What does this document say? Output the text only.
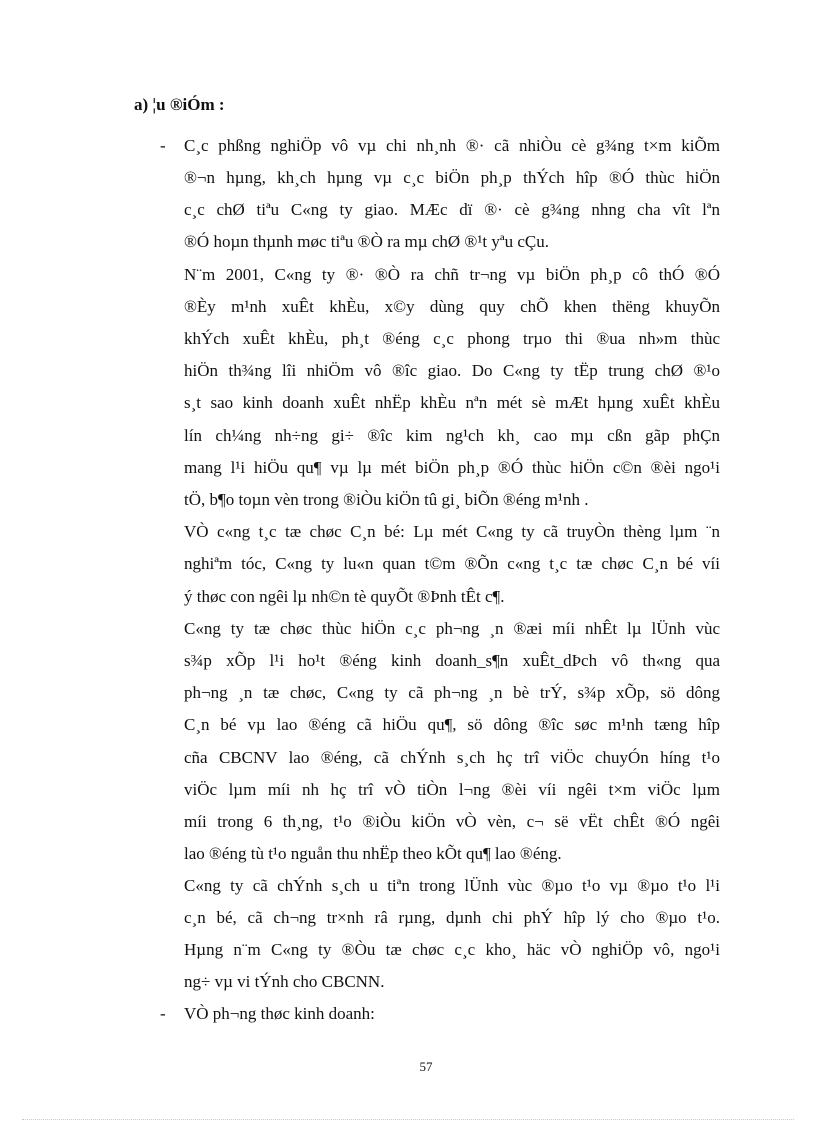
a) ¦u ®iÓm :
-
-
C¸c phßng nghiÖp vô vµ chi nh¸nh ®· cã nhiÒu cè g¾ng t×m kiÕm
®¬n hµng, kh¸ch hµng vµ c¸c biÖn ph¸p thÝch hîp ®Ó thùc hiÖn
c¸c chØ tiªu C«ng ty giao. MÆc dï ®· cè g¾ng nhng cha vît lªn
®Ó hoµn thµnh møc tiªu ®Ò ra mµ chØ ®¹t yªu cÇu.
N¨m 2001, C«ng ty ®· ®Ò ra chñ tr¬ng vµ biÖn ph¸p cô thÓ ®Ó
®Èy m¹nh xuÊt khÈu, x©y dùng quy chÕ khen thëng khuyÕn
khÝch xuÊt khÈu, ph¸t ®éng c¸c phong trµo thi ®ua nh»m thùc
hiÖn th¾ng lîi nhiÖm vô ®îc giao. Do C«ng ty tËp trung chØ ®¹o
s¸t sao kinh doanh xuÊt nhËp khÈu nªn mét sè mÆt hµng xuÊt khÈu
lín ch¼ng nh÷ng gi÷ ®îc kim ng¹ch kh¸ cao mµ cßn gãp phÇn
mang l¹i hiÖu qu¶ vµ lµ mét biÖn ph¸p ®Ó thùc hiÖn c©n ®èi ngo¹i
tÖ, b¶o toµn vèn trong ®iÒu kiÖn tû gi¸ biÕn ®éng m¹nh .
VÒ c«ng t¸c tæ chøc C¸n bé: Lµ mét C«ng ty cã truyÒn thèng lµm ¨n
nghiªm tóc, C«ng ty lu«n quan t©m ®Õn c«ng t¸c tæ chøc C¸n bé víi
ý thøc con ngêi lµ nh©n tè quyÕt ®Þnh tÊt c¶.
C«ng ty tæ chøc thùc hiÖn c¸c ph¬ng ¸n ®æi míi nhÊt lµ lÜnh vùc
s¾p xÕp l¹i ho¹t ®éng kinh doanh_s¶n xuÊt_dÞch vô th«ng qua
ph¬ng ¸n tæ chøc, C«ng ty cã ph¬ng ¸n bè trÝ, s¾p xÕp, sö dông
C¸n bé vµ lao ®éng cã hiÖu qu¶, sö dông ®îc søc m¹nh tæng hîp
cña CBCNV lao ®éng, cã chÝnh s¸ch hç trî viÖc chuyÓn híng t¹o
viÖc lµm míi nh hç trî vÒ tiÒn l¬ng ®èi víi ngêi t×m viÖc lµm
míi trong 6 th¸ng, t¹o ®iÒu kiÖn vÒ vèn, c¬ së vËt chÊt ®Ó ngêi
lao ®éng tù t¹o nguån thu nhËp theo kÕt qu¶ lao ®éng.
C«ng ty cã chÝnh s¸ch u tiªn trong lÜnh vùc ®µo t¹o vµ ®µo t¹o l¹i
c¸n bé, cã ch¬ng tr×nh râ rµng, dµnh chi phÝ hîp lý cho ®µo t¹o.
Hµng n¨m C«ng ty ®Òu tæ chøc c¸c kho¸ häc vÒ nghiÖp vô, ngo¹i
ng÷ vµ vi tÝnh cho CBCNN.
VÒ ph¬ng thøc kinh doanh:
57
